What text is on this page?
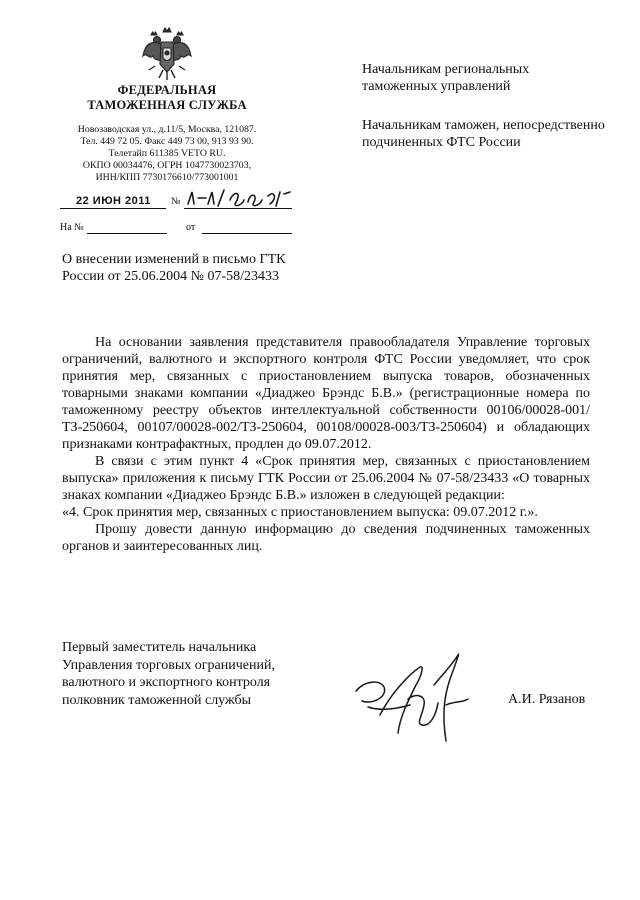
ФЕДЕРАЛЬНАЯ
ТАМОЖЕННАЯ СЛУЖБА
Новозаводская ул., д.11/5, Москва, 121087.
Тел. 449 72 05. Факс 449 73 00, 913 93 90.
Телетайп 611385 VETO RU.
ОКПО 00034476, ОГРН 1047730023703,
ИНН/КПП 7730176610/773001001
22 ИЮН 2011 №
На №	от

Начальникам региональных таможенных управлений

Начальникам таможен, непосредственно подчиненных ФТС России

О внесении изменений в письмо ГТК России от 25.06.2004 № 07-58/23433

На основании заявления представителя правообладателя Управление торговых ограничений, валютного и экспортного контроля ФТС России уведомляет, что срок принятия мер, связанных с приостановлением выпуска товаров, обозначенных товарными знаками компании «Диаджео Брэндс Б.В.» (регистрационные номера по таможенному реестру объектов интеллектуальной собственности 00106/00028-001/ТЗ-250604, 00107/00028-002/ТЗ-250604, 00108/00028-003/ТЗ-250604) и обладающих признаками контрафактных, продлен до 09.07.2012.

В связи с этим пункт 4 «Срок принятия мер, связанных с приостановлением выпуска» приложения к письму ГТК России от 25.06.2004 № 07-58/23433 «О товарных знаках компании «Диаджео Брэндс Б.В.» изложен в следующей редакции:

«4. Срок принятия мер, связанных с приостановлением выпуска: 09.07.2012 г.».

Прошу довести данную информацию до сведения подчиненных таможенных органов и заинтересованных лиц.

Первый заместитель начальника
Управления торговых ограничений,
валютного и экспортного контроля
полковник таможенной службы	А.И. Рязанов
